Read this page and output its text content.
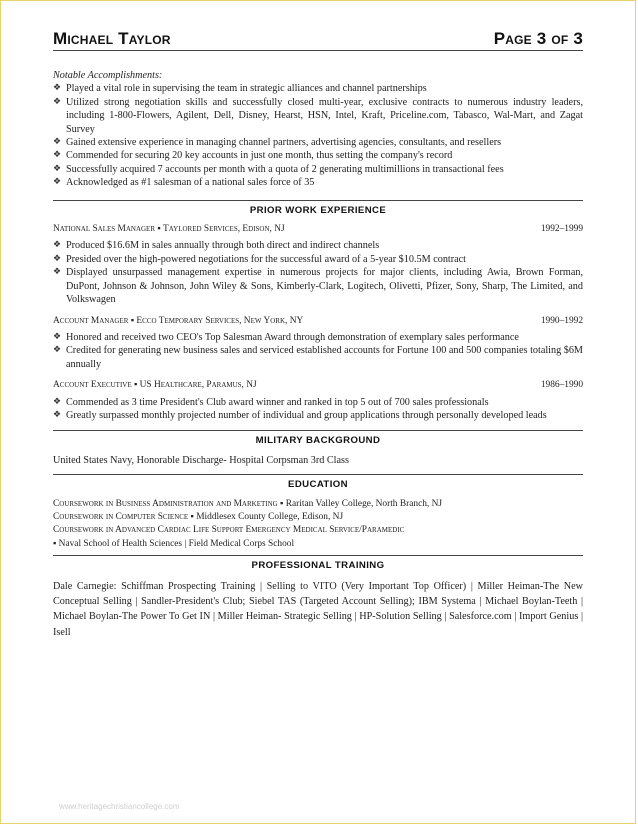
Michael Taylor	Page 3 of 3
Notable Accomplishments:
❖ Played a vital role in supervising the team in strategic alliances and channel partnerships
❖ Utilized strong negotiation skills and successfully closed multi-year, exclusive contracts to numerous industry leaders, including 1-800-Flowers, Agilent, Dell, Disney, Hearst, HSN, Intel, Kraft, Priceline.com, Tabasco, Wal-Mart, and Zagat Survey
❖ Gained extensive experience in managing channel partners, advertising agencies, consultants, and resellers
❖ Commended for securing 20 key accounts in just one month, thus setting the company's record
❖ Successfully acquired 7 accounts per month with a quota of 2 generating multimillions in transactional fees
❖ Acknowledged as #1 salesman of a national sales force of 35
PRIOR WORK EXPERIENCE
National Sales Manager ▪ Taylored Services, Edison, NJ	1992–1999
❖ Produced $16.6M in sales annually through both direct and indirect channels
❖ Presided over the high-powered negotiations for the successful award of a 5-year $10.5M contract
❖ Displayed unsurpassed management expertise in numerous projects for major clients, including Awia, Brown Forman, DuPont, Johnson & Johnson, John Wiley & Sons, Kimberly-Clark, Logitech, Olivetti, Pfizer, Sony, Sharp, The Limited, and Volkswagen
Account Manager ▪ Ecco Temporary Services, New York, NY	1990–1992
❖ Honored and received two CEO's Top Salesman Award through demonstration of exemplary sales performance
❖ Credited for generating new business sales and serviced established accounts for Fortune 100 and 500 companies totaling $6M annually
Account Executive ▪ US Healthcare, Paramus, NJ	1986–1990
❖ Commended as 3 time President's Club award winner and ranked in top 5 out of 700 sales professionals
❖ Greatly surpassed monthly projected number of individual and group applications through personally developed leads
MILITARY BACKGROUND

United States Navy, Honorable Discharge- Hospital Corpsman 3rd Class

EDUCATION
Coursework in Business Administration and Marketing ▪ Raritan Valley College, North Branch, NJ
Coursework in Computer Science ▪ Middlesex County College, Edison, NJ
Coursework in Advanced Cardiac Life Support Emergency Medical Service/Paramedic
▪ Naval School of Health Sciences | Field Medical Corps School
PROFESSIONAL TRAINING

Dale Carnegie: Schiffman Prospecting Training | Selling to VITO (Very Important Top Officer) | Miller Heiman-The New Conceptual Selling | Sandler-President's Club; Siebel TAS (Targeted Account Selling); IBM Systema | Michael Boylan-Teeth | Michael Boylan-The Power To Get IN | Miller Heiman- Strategic Selling | HP-Solution Selling | Salesforce.com | Import Genius | Isell

www.heritagechristiancollege.com
